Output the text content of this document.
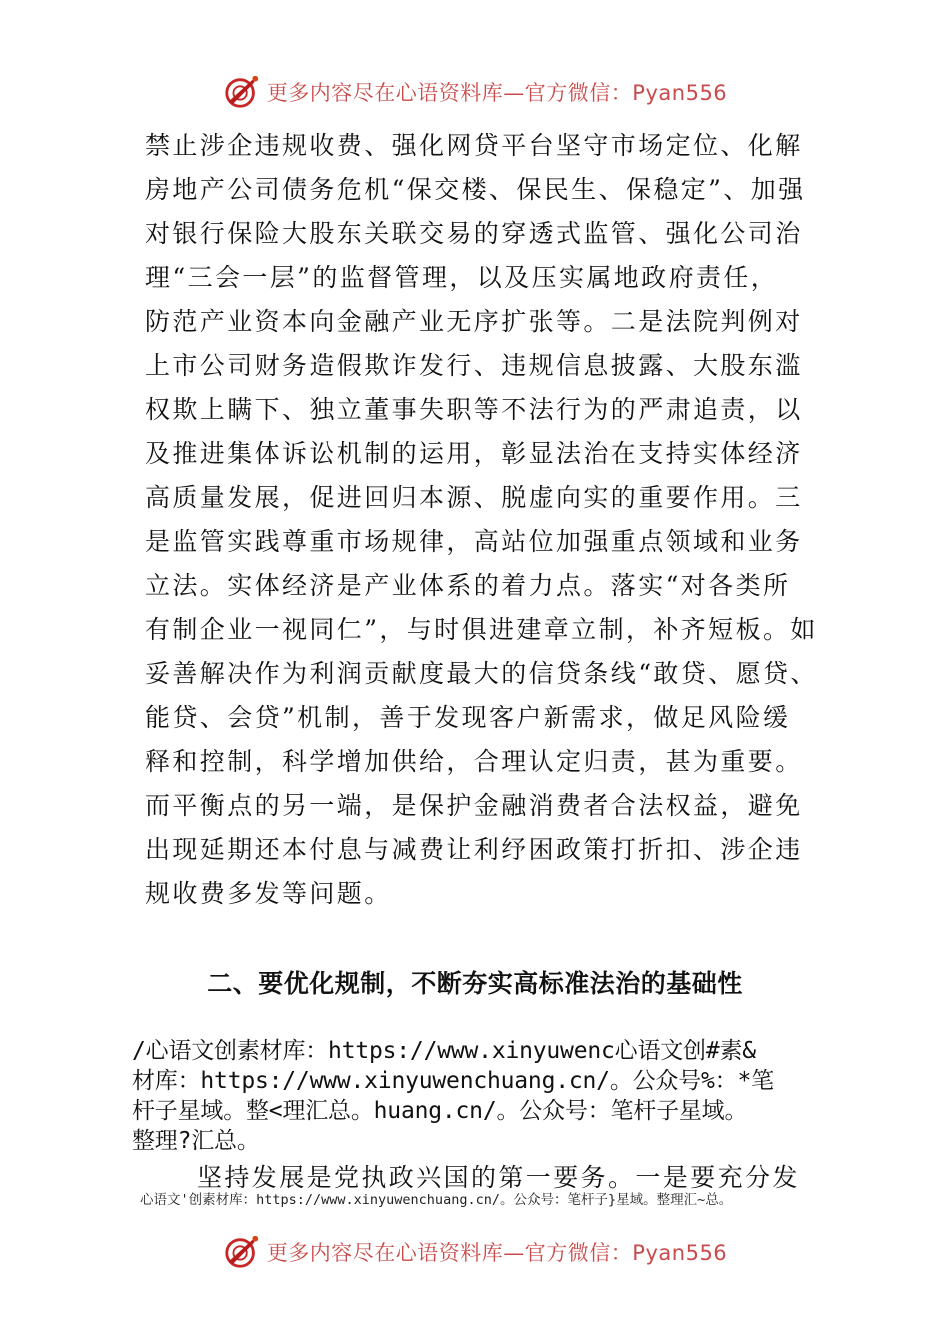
更多内容尽在心语资料库—官方微信：Pyan556
禁止涉企违规收费、强化网贷平台坚守市场定位、化解
房地产公司债务危机“保交楼、保民生、保稳定”、加强
对银行保险大股东关联交易的穿透式监管、强化公司治
理“三会一层”的监督管理，以及压实属地政府责任，
防范产业资本向金融产业无序扩张等。二是法院判例对
上市公司财务造假欺诈发行、违规信息披露、大股东滥
权欺上瞒下、独立董事失职等不法行为的严肃追责，以
及推进集体诉讼机制的运用，彰显法治在支持实体经济
高质量发展，促进回归本源、脱虚向实的重要作用。三
是监管实践尊重市场规律，高站位加强重点领域和业务
立法。实体经济是产业体系的着力点。落实“对各类所
有制企业一视同仁”，与时俱进建章立制，补齐短板。如
妥善解决作为利润贡献度最大的信贷条线“敢贷、愿贷、
能贷、会贷”机制，善于发现客户新需求，做足风险缓
释和控制，科学增加供给，合理认定归责，甚为重要。
而平衡点的另一端，是保护金融消费者合法权益，避免
出现延期还本付息与减费让利纾困政策打折扣、涉企违
规收费多发等问题。
二、要优化规制，不断夯实高标准法治的基础性
/心语文创素材库：https://www.xinyuwenc心语文创#素&
材库：https://www.xinyuwenchuang.cn/。公众号%：*笔
杆子星域。整<理汇总。huang.cn/。公众号：笔杆子星域。
整理?汇总。

坚持发展是党执政兴国的第一要务。一是要充分发

心语文'创素材库：https://www.xinyuwenchuang.cn/。公众号：笔杆子}星域。整理汇~总。
更多内容尽在心语资料库—官方微信：Pyan556
